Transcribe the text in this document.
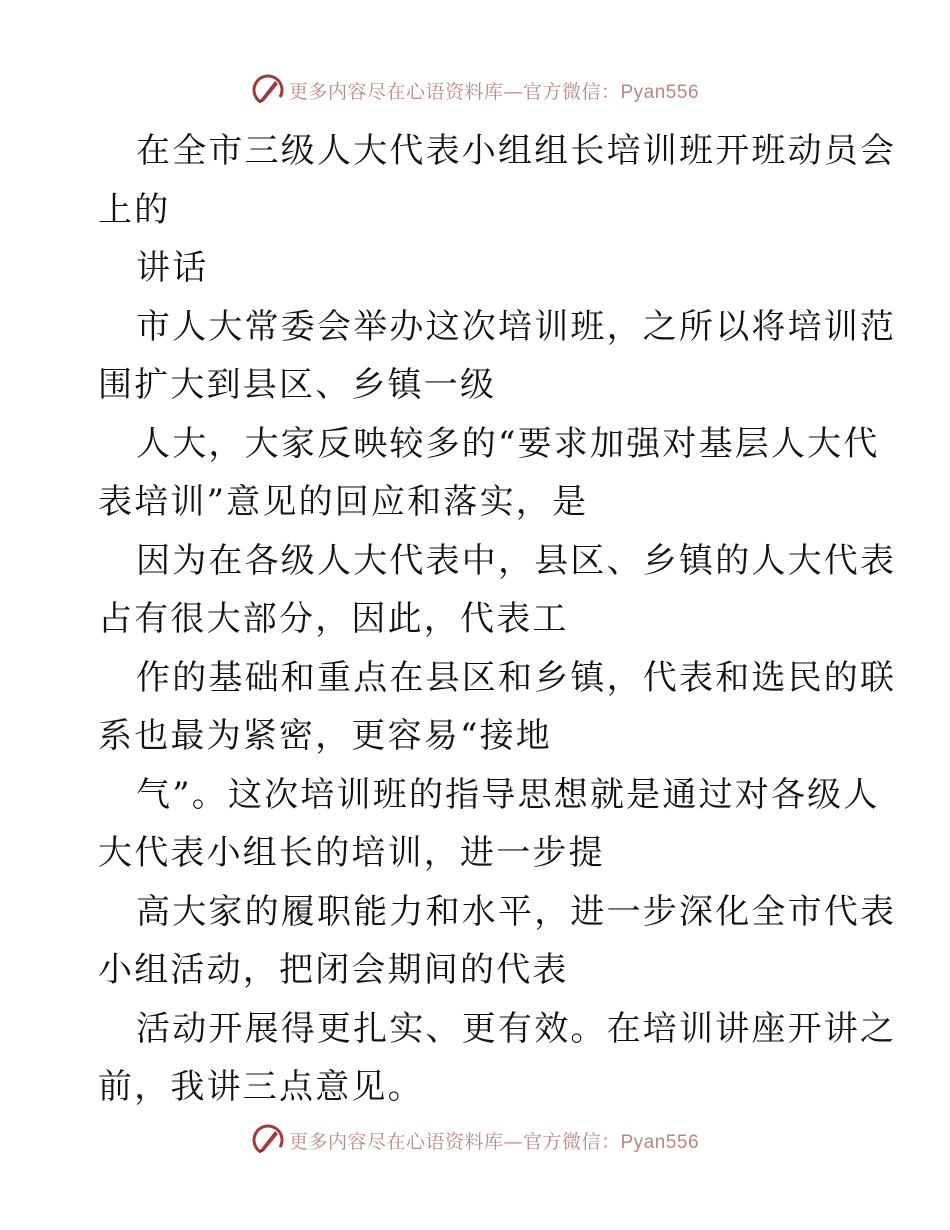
更多内容尽在心语资料库—官方微信：Pyan556

在全市三级人大代表小组组长培训班开班动员会

上的

讲话

市人大常委会举办这次培训班，之所以将培训范

围扩大到县区、乡镇一级

人大，大家反映较多的“要求加强对基层人大代

表培训”意见的回应和落实，是

因为在各级人大代表中，县区、乡镇的人大代表

占有很大部分，因此，代表工

作的基础和重点在县区和乡镇，代表和选民的联

系也最为紧密，更容易“接地

气”。这次培训班的指导思想就是通过对各级人

大代表小组长的培训，进一步提

高大家的履职能力和水平，进一步深化全市代表

小组活动，把闭会期间的代表

活动开展得更扎实、更有效。在培训讲座开讲之

前，我讲三点意见。

更多内容尽在心语资料库—官方微信：Pyan556
